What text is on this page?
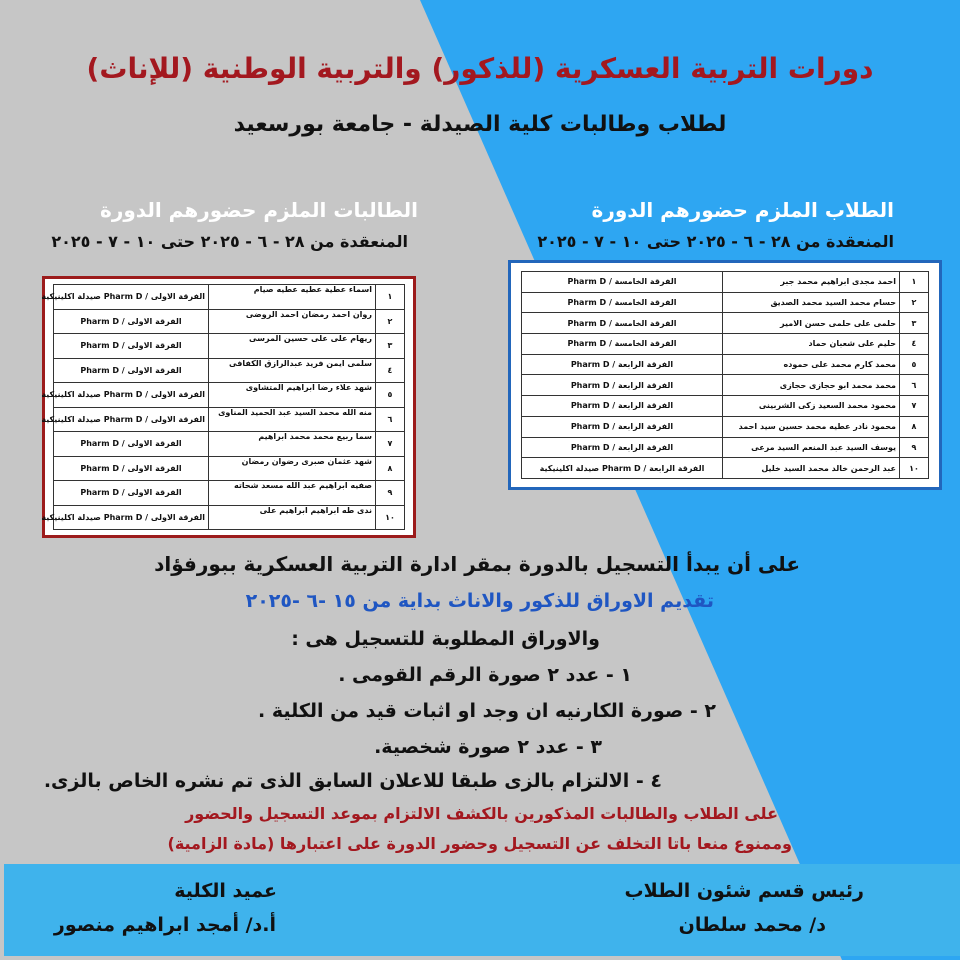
دورات التربية العسكرية (للذكور) والتربية الوطنية (للإناث)
لطلاب وطالبات كلية الصيدلة - جامعة بورسعيد
الطلاب الملزم حضورهم الدورة
المنعقدة من ٢٨ - ٦ - ٢٠٢٥ حتى ١٠ - ٧ - ٢٠٢٥
الطالبات الملزم حضورهم الدورة
المنعقدة من ٢٨ - ٦ - ٢٠٢٥ حتى ١٠ - ٧ - ٢٠٢٥
١	احمد مجدى ابراهيم محمد جبر	الفرقة الخامسة / Pharm D
٢	حسام محمد السيد محمد الصديق	الفرقة الخامسة / Pharm D
٣	حلمى على حلمى حسن الامير	الفرقة الخامسة / Pharm D
٤	حليم على شعبان حماد	الفرقة الخامسة / Pharm D
٥	محمد كارم محمد على حموده	الفرقة الرابعة / Pharm D
٦	محمد محمد ابو حجازى حجازى	الفرقة الرابعة / Pharm D
٧	محمود محمد السعيد زكى الشربينى	الفرقة الرابعة / Pharm D
٨	محمود نادر عطيه محمد حسين سيد احمد	الفرقة الرابعة / Pharm D
٩	يوسف السيد عبد المنعم السيد مرعى	الفرقة الرابعة / Pharm D
١٠	عبد الرحمن خالد محمد السيد خليل	الفرقة الرابعة / Pharm D صيدلة اكلينيكية
١	اسماء عطية عطيه عطيه صيام	الفرقة الاولى / Pharm D صيدلة اكلينيكية
٢	روان احمد رمضان احمد الروضى	الفرقة الاولى / Pharm D
٣	ريهام على على حسين المرسى	الفرقة الاولى / Pharm D
٤	سلمى ايمن فريد عبدالرازق الكفافى	الفرقة الاولى / Pharm D
٥	شهد علاء رضا ابراهيم المتشاوى	الفرقة الاولى / Pharm D صيدلة اكلينيكية
٦	منه الله محمد السيد عبد الحميد المناوى	الفرقة الاولى / Pharm D صيدلة اكلينيكية
٧	سما ربيع محمد محمد ابراهيم	الفرقة الاولى / Pharm D
٨	شهد عثمان صبرى رضوان رمضان	الفرقة الاولى / Pharm D
٩	صفيه ابراهيم عبد الله مسعد شحاته	الفرقة الاولى / Pharm D
١٠	ندى طه ابراهيم ابراهيم على	الفرقة الاولى / Pharm D صيدلة اكلينيكية
على أن يبدأ التسجيل بالدورة بمقر ادارة التربية العسكرية ببورفؤاد
تقديم الاوراق للذكور والاناث بداية من ١٥ -٦ -٢٠٢٥
والاوراق المطلوبة للتسجيل هى :
١ - عدد ٢ صورة الرقم القومى .
٢ - صورة الكارنيه ان وجد او اثبات قيد من الكلية .
٣ - عدد ٢ صورة شخصية.
٤ - الالتزام بالزى طبقا للاعلان السابق الذى تم نشره الخاص بالزى.
على الطلاب والطالبات المذكورين بالكشف الالتزام بموعد التسجيل والحضور
وممنوع منعا باتا التخلف عن التسجيل وحضور الدورة على اعتبارها (مادة الزامية)
عميد الكلية
أ.د/ أمجد ابراهيم منصور
رئيس قسم شئون الطلاب
د/ محمد سلطان
